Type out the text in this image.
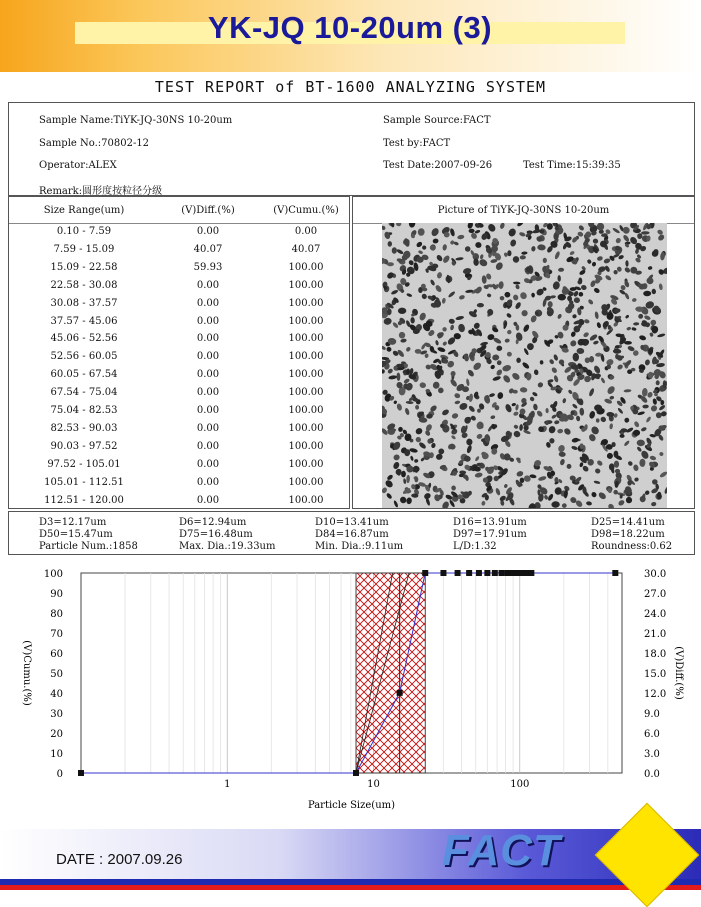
YK-JQ 10-20um (3)
TEST REPORT of BT-1600 ANALYZING SYSTEM
Sample Name:TiYK-JQ-30NS 10-20um	Sample Source:FACT
Sample No.:70802-12	Test by:FACT
Operator:ALEX	Test Date:2007-09-26	Test Time:15:39:35
Remark:圆形度按粒径分级
Size Range(um)	(V)Diff.(%)	(V)Cumu.(%)
0.10 - 7.59	0.00	0.00
7.59 - 15.09	40.07	40.07
15.09 - 22.58	59.93	100.00
22.58 - 30.08	0.00	100.00
30.08 - 37.57	0.00	100.00
37.57 - 45.06	0.00	100.00
45.06 - 52.56	0.00	100.00
52.56 - 60.05	0.00	100.00
60.05 - 67.54	0.00	100.00
67.54 - 75.04	0.00	100.00
75.04 - 82.53	0.00	100.00
82.53 - 90.03	0.00	100.00
90.03 - 97.52	0.00	100.00
97.52 - 105.01	0.00	100.00
105.01 - 112.51	0.00	100.00
112.51 - 120.00	0.00	100.00
Picture of TiYK-JQ-30NS 10-20um
D3=12.17um	D6=12.94um	D10=13.41um	D16=13.91um	D25=14.41um
D50=15.47um	D75=16.48um	D84=16.87um	D97=17.91um	D98=18.22um
Particle Num.:1858	Max. Dia.:19.33um	Min. Dia.:9.11um	L/D:1.32	Roundness:0.62
0
10
20
30
40
50
60
70
80
90
100
0.0
3.0
6.0
9.0
12.0
15.0
18.0
21.0
24.0
27.0
30.0
1	10	100
Particle Size(um)
(V)Cumu.(%)	(V)Diff.(%)
DATE : 2007.09.26	FACT
